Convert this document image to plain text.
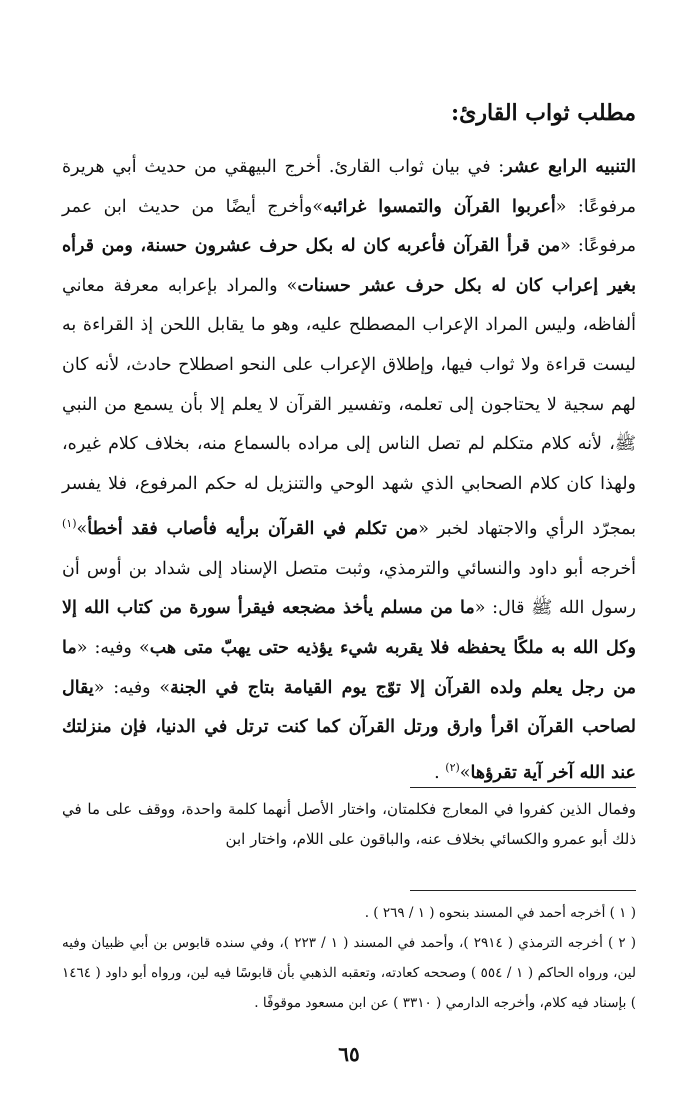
مطلب ثواب القارئ:

التنبيه الرابع عشر: في بيان ثواب القارئ. أخرج البيهقي من حديث أبي هريرة مرفوعًا: «أعربوا القرآن والتمسوا غرائبه»وأخرج أيضًا من حديث ابن عمر مرفوعًا: «من قرأ القرآن فأعربه كان له بكل حرف عشرون حسنة، ومن قرأه بغير إعراب كان له بكل حرف عشر حسنات» والمراد بإعرابه معرفة معاني ألفاظه، وليس المراد الإعراب المصطلح عليه، وهو ما يقابل اللحن إذ القراءة به ليست قراءة ولا ثواب فيها، وإطلاق الإعراب على النحو اصطلاح حادث، لأنه كان لهم سجية لا يحتاجون إلى تعلمه، وتفسير القرآن لا يعلم إلا بأن يسمع من النبي ﷺ، لأنه كلام متكلم لم تصل الناس إلى مراده بالسماع منه، بخلاف كلام غيره، ولهذا كان كلام الصحابي الذي شهد الوحي والتنزيل له حكم المرفوع، فلا يفسر بمجرّد الرأي والاجتهاد لخبر «من تكلم في القرآن برأيه فأصاب فقد أخطأ»$^{(١)}$ أخرجه أبو داود والنسائي والترمذي، وثبت متصل الإسناد إلى شداد بن أوس أن رسول الله ﷺ قال: «ما من مسلم يأخذ مضجعه فيقرأ سورة من كتاب الله إلا وكل الله به ملكًا يحفظه فلا يقربه شيء يؤذيه حتى يهبّ متى هب» وفيه: «ما من رجل يعلم ولده القرآن إلا توّج يوم القيامة بتاج في الجنة» وفيه: «يقال لصاحب القرآن اقرأ وارق ورتل القرآن كما كنت ترتل في الدنيا، فإن منزلتك عند الله آخر آية تقرؤها»$^{(٢)}$ .

وفمال الذين كفروا في المعارج فكلمتان، واختار الأصل أنهما كلمة واحدة، ووقف على ما في ذلك أبو عمرو والكسائي بخلاف عنه، والباقون على اللام، واختار ابن

( ١ ) أخرجه أحمد في المسند بنحوه ( ١ / ٢٦٩ ) .

( ٢ ) أخرجه الترمذي ( ٢٩١٤ )، وأحمد في المسند ( ١ / ٢٢٣ )، وفي سنده قابوس بن أبي ظبيان وفيه لين، ورواه الحاكم ( ١ / ٥٥٤ ) وصححه كعادته، وتعقبه الذهبي بأن قابوسًا فيه لين، ورواه أبو داود ( ١٤٦٤ ) بإسناد فيه كلام، وأخرجه الدارمي ( ٣٣١٠ ) عن ابن مسعود موقوفًا .

٦٥
